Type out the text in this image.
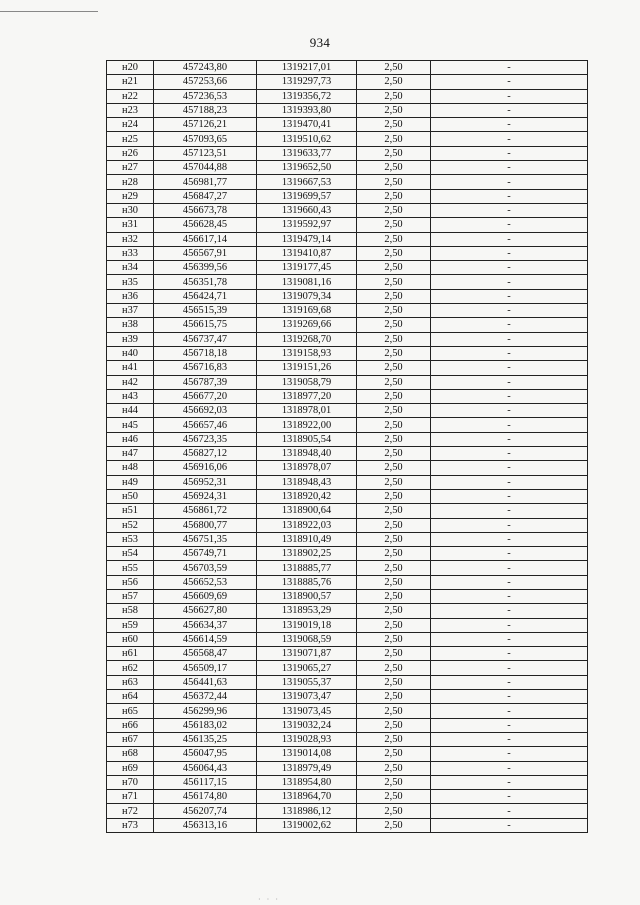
934
н20	457243,80	1319217,01	2,50	-
н21	457253,66	1319297,73	2,50	-
н22	457236,53	1319356,72	2,50	-
н23	457188,23	1319393,80	2,50	-
н24	457126,21	1319470,41	2,50	-
н25	457093,65	1319510,62	2,50	-
н26	457123,51	1319633,77	2,50	-
н27	457044,88	1319652,50	2,50	-
н28	456981,77	1319667,53	2,50	-
н29	456847,27	1319699,57	2,50	-
н30	456673,78	1319660,43	2,50	-
н31	456628,45	1319592,97	2,50	-
н32	456617,14	1319479,14	2,50	-
н33	456567,91	1319410,87	2,50	-
н34	456399,56	1319177,45	2,50	-
н35	456351,78	1319081,16	2,50	-
н36	456424,71	1319079,34	2,50	-
н37	456515,39	1319169,68	2,50	-
н38	456615,75	1319269,66	2,50	-
н39	456737,47	1319268,70	2,50	-
н40	456718,18	1319158,93	2,50	-
н41	456716,83	1319151,26	2,50	-
н42	456787,39	1319058,79	2,50	-
н43	456677,20	1318977,20	2,50	-
н44	456692,03	1318978,01	2,50	-
н45	456657,46	1318922,00	2,50	-
н46	456723,35	1318905,54	2,50	-
н47	456827,12	1318948,40	2,50	-
н48	456916,06	1318978,07	2,50	-
н49	456952,31	1318948,43	2,50	-
н50	456924,31	1318920,42	2,50	-
н51	456861,72	1318900,64	2,50	-
н52	456800,77	1318922,03	2,50	-
н53	456751,35	1318910,49	2,50	-
н54	456749,71	1318902,25	2,50	-
н55	456703,59	1318885,77	2,50	-
н56	456652,53	1318885,76	2,50	-
н57	456609,69	1318900,57	2,50	-
н58	456627,80	1318953,29	2,50	-
н59	456634,37	1319019,18	2,50	-
н60	456614,59	1319068,59	2,50	-
н61	456568,47	1319071,87	2,50	-
н62	456509,17	1319065,27	2,50	-
н63	456441,63	1319055,37	2,50	-
н64	456372,44	1319073,47	2,50	-
н65	456299,96	1319073,45	2,50	-
н66	456183,02	1319032,24	2,50	-
н67	456135,25	1319028,93	2,50	-
н68	456047,95	1319014,08	2,50	-
н69	456064,43	1318979,49	2,50	-
н70	456117,15	1318954,80	2,50	-
н71	456174,80	1318964,70	2,50	-
н72	456207,74	1318986,12	2,50	-
н73	456313,16	1319002,62	2,50	-
· · ·
